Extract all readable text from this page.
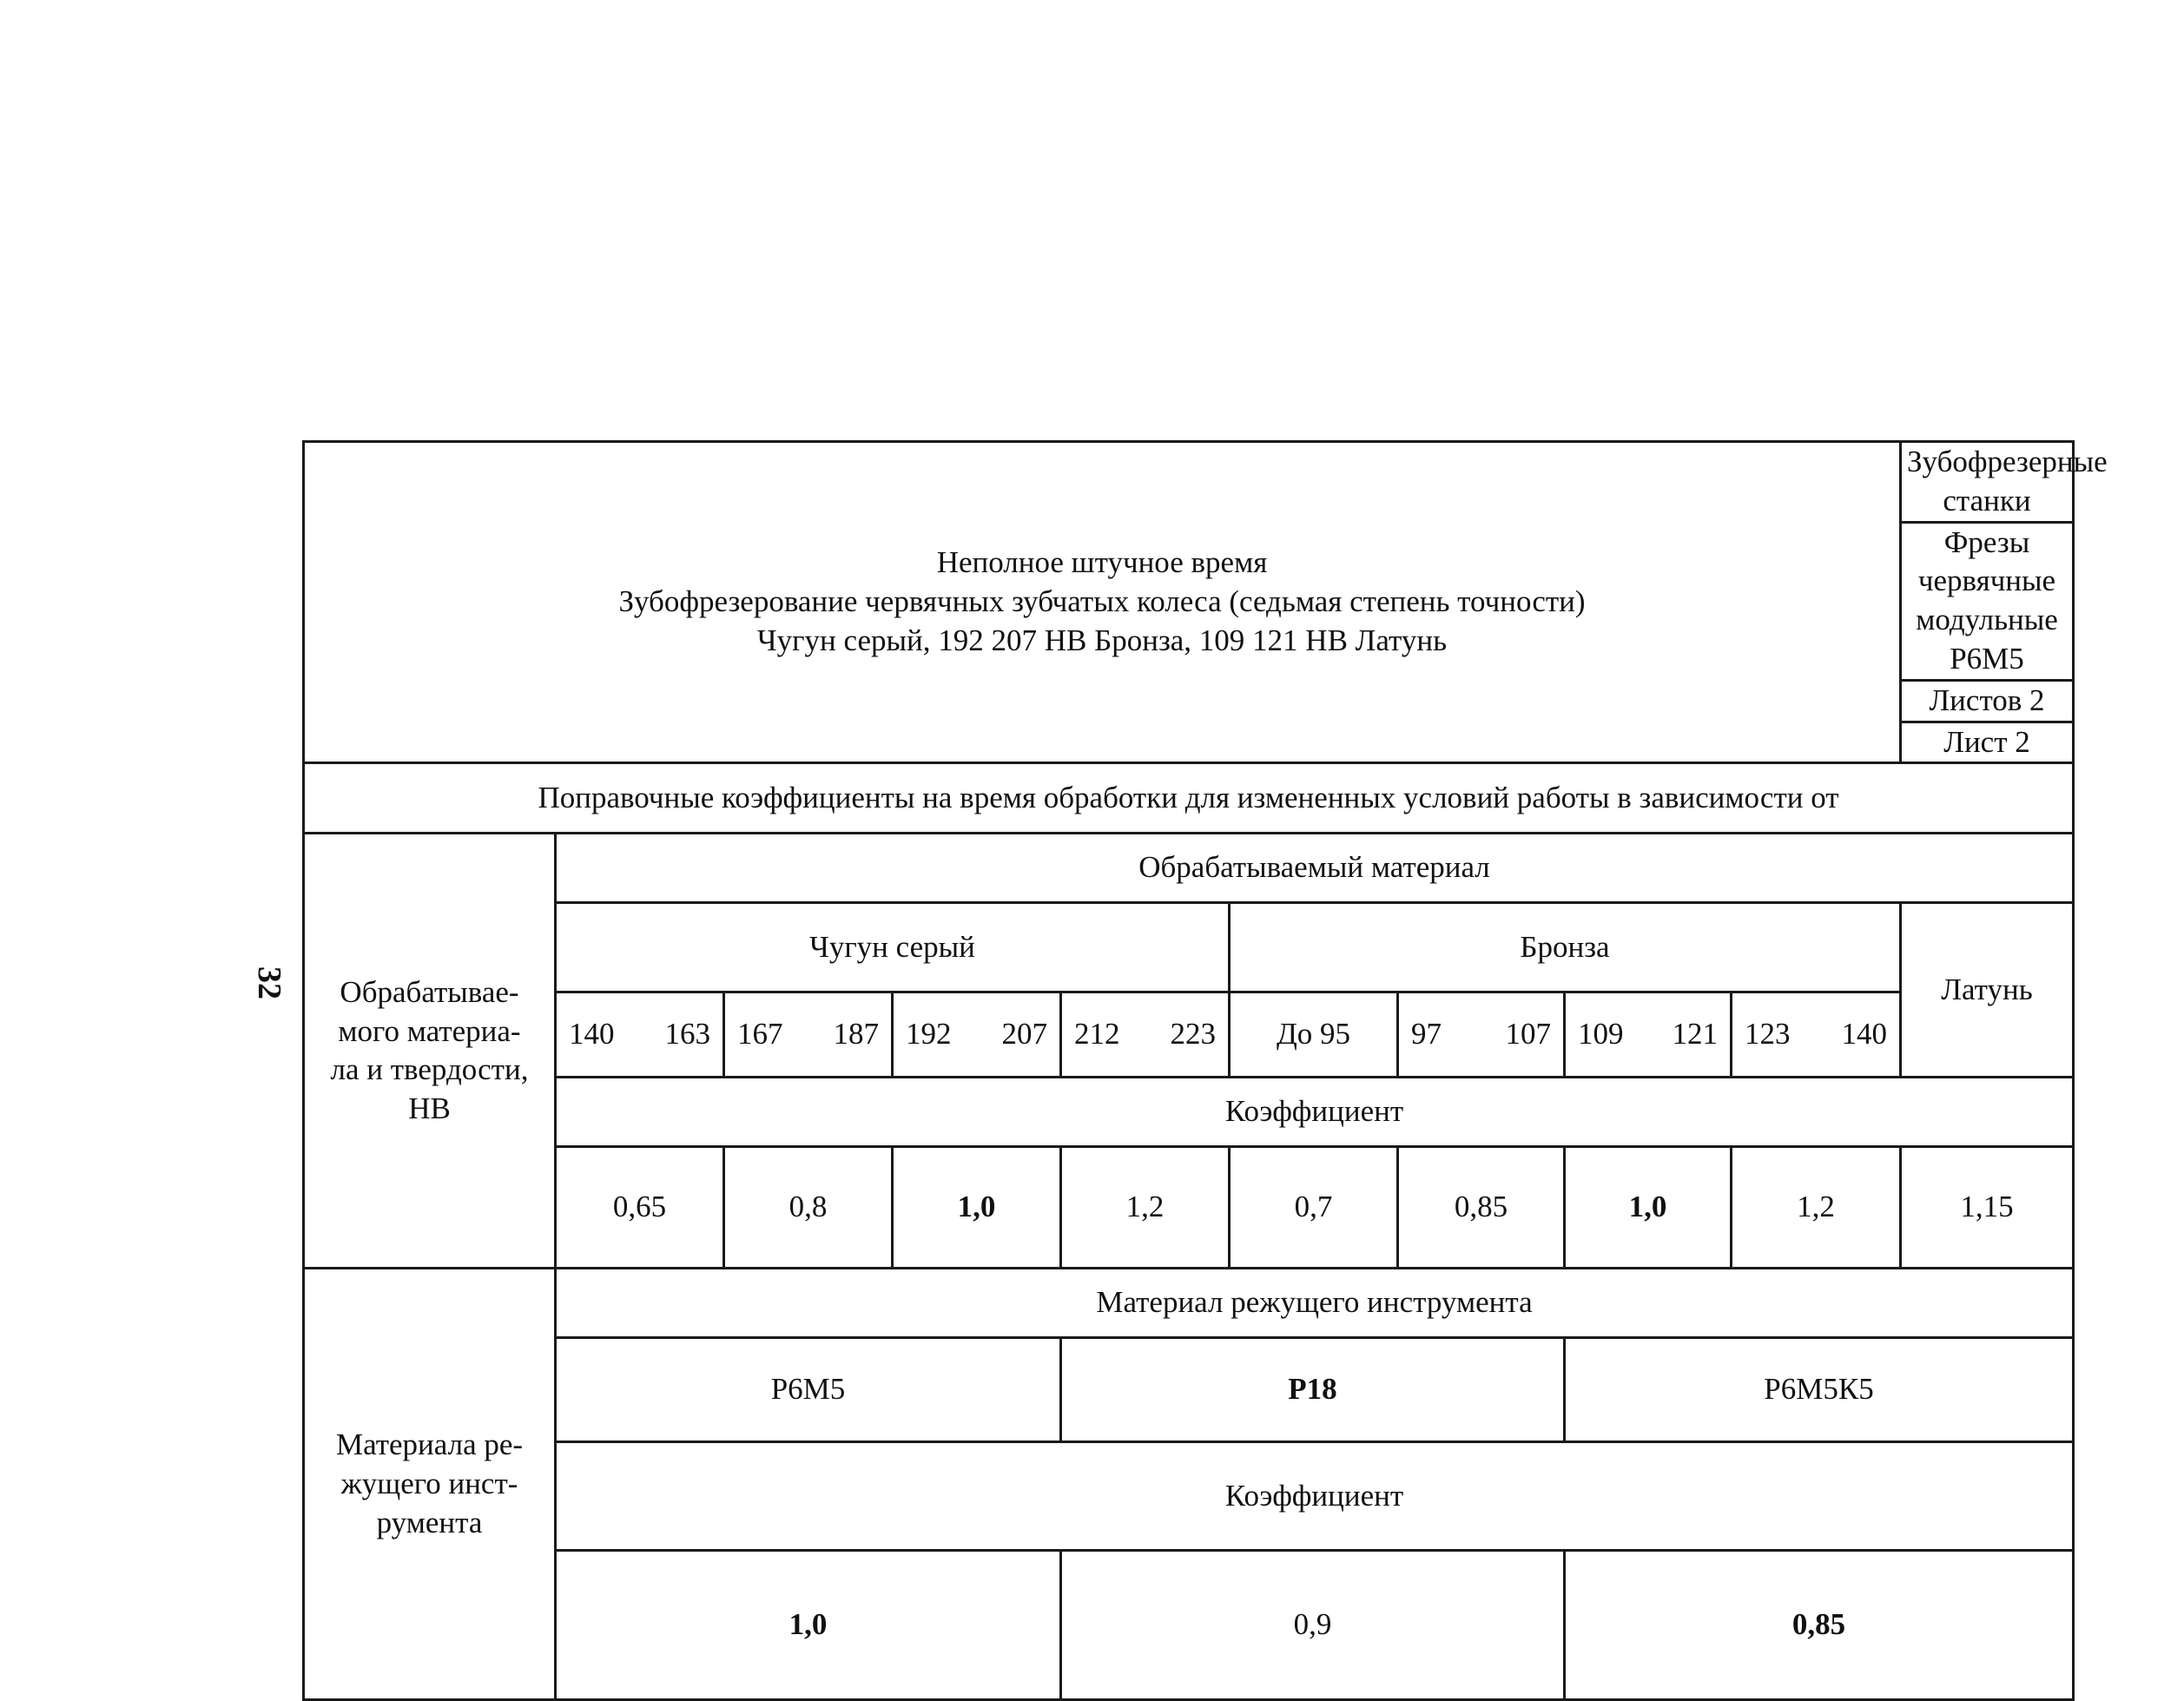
32
Неполное штучное время
Зубофрезерование червячных зубчатых колеса (седьмая степень точности)
Чугун серый, 192 207 НВ Бронза, 109 121 НВ Латунь									Зубофрезерные станки
									Фрезы червячные модульные Р6М5
	Листов 2
									Лист 2
Поправочные коэффициенты на время обработки для измененных условий работы в зависимости от									

Обрабатывае-
мого материа-
ла и твердости,
НВ	Обрабатываемый материал								
	Чугун серый				Бронза				Латунь

	140 163	167 187	192 207	212 223	До 95	97 107	109 121	123 140	

	Коэффициент								
	0,65	0,8	1,0	1,2	0,7	0,85	1,0	1,2	1,15

Материала ре-
жущего инст-
румента	Материал режущего инструмента								
	Р6М5			Р18			Р6М5К5		
	Коэффициент								
	1,0			0,9			0,85		
